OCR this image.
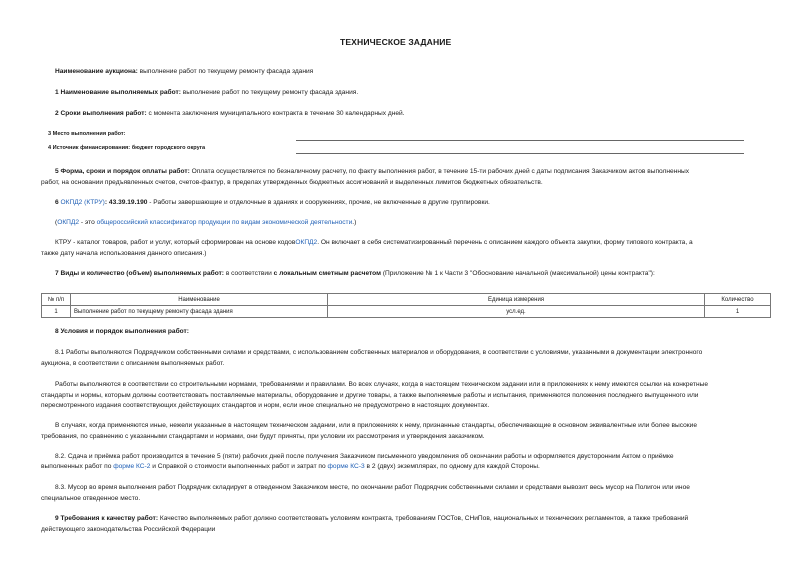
ТЕХНИЧЕСКОЕ ЗАДАНИЕ
Наименование аукциона: выполнение работ по текущему ремонту фасада здания
1 Наименование выполняемых работ: выполнение работ по текущему ремонту фасада здания.
2 Сроки выполнения работ: с момента заключения муниципального контракта в течение 30 календарных дней.
3 Место выполнения работ:
4 Источник финансирования: бюджет городского округа
5 Форма, сроки и порядок оплаты работ: Оплата осуществляется по безналичному расчету, по факту выполнения работ, в течение 15-ти рабочих дней с даты подписания Заказчиком актов выполненных
работ, на основании предъявленных счетов, счетов-фактур, в пределах утвержденных бюджетных ассигнований и выделенных лимитов бюджетных обязательств.
6 ОКПД2 (КТРУ): 43.39.19.190 - Работы завершающие и отделочные в зданиях и сооружениях, прочие, не включенные в другие группировки.
(ОКПД2 - это общероссийский классификатор продукции по видам экономической деятельности.)
КТРУ - каталог товаров, работ и услуг, который сформирован на основе кодовОКПД2. Он включает в себя систематизированный перечень с описанием каждого объекта закупки, форму типового контракта, а
также дату начала использования данного описания.)
7 Виды и количество (объем) выполняемых работ: в соответствии с локальным сметным расчетом (Приложение № 1 к Части 3 "Обоснование начальной (максимальной) цены контракта"):
№ п/п	Наименование	Единица измерения	Количество
1	Выполнение работ по текущему ремонту фасада здания	усл.ед.	1
8 Условия и порядок выполнения работ:
8.1 Работы выполняются Подрядчиком собственными силами и средствами, с использованием собственных материалов и оборудования, в соответствии с условиями, указанными в документации электронного
аукциона, в соответствии с описанием выполняемых работ.
Работы выполняются в соответствии со строительными нормами, требованиями и правилами. Во всех случаях, когда в настоящем техническом задании или в приложениях к нему имеются ссылки на конкретные
стандарты и нормы, которым должны соответствовать поставляемые материалы, оборудование и другие товары, а также выполняемые работы и испытания, применяются положения последнего выпущенного или
пересмотренного издания соответствующих действующих стандартов и норм, если иное специально не предусмотрено в настоящих документах.
В случаях, когда применяются иные, нежели указанные в настоящем техническом задании, или в приложениях к нему, признанные стандарты, обеспечивающие в основном эквивалентные или более высокие
требования, по сравнению с указанными стандартами и нормами, они будут приняты, при условии их рассмотрения и утверждения заказчиком.
8.2. Сдача и приёмка работ производится в течение 5 (пяти) рабочих дней после получения Заказчиком письменного уведомления об окончании работы и оформляется двусторонним Актом о приёмке
выполненных работ по форме КС-2 и Справкой о стоимости выполненных работ и затрат по форме КС-3 в 2 (двух) экземплярах, по одному для каждой Стороны.
8.3. Мусор во время выполнения работ Подрядчик складирует в отведенном Заказчиком месте, по окончании работ Подрядчик собственными силами и средствами вывозит весь мусор на Полигон или иное
специальное отведенное место.
9 Требования к качеству работ: Качество выполняемых работ должно соответствовать условиям контракта, требованиям ГОСТов, СНиПов, национальных и технических регламентов, а также требований
действующего законодательства Российской Федерации
